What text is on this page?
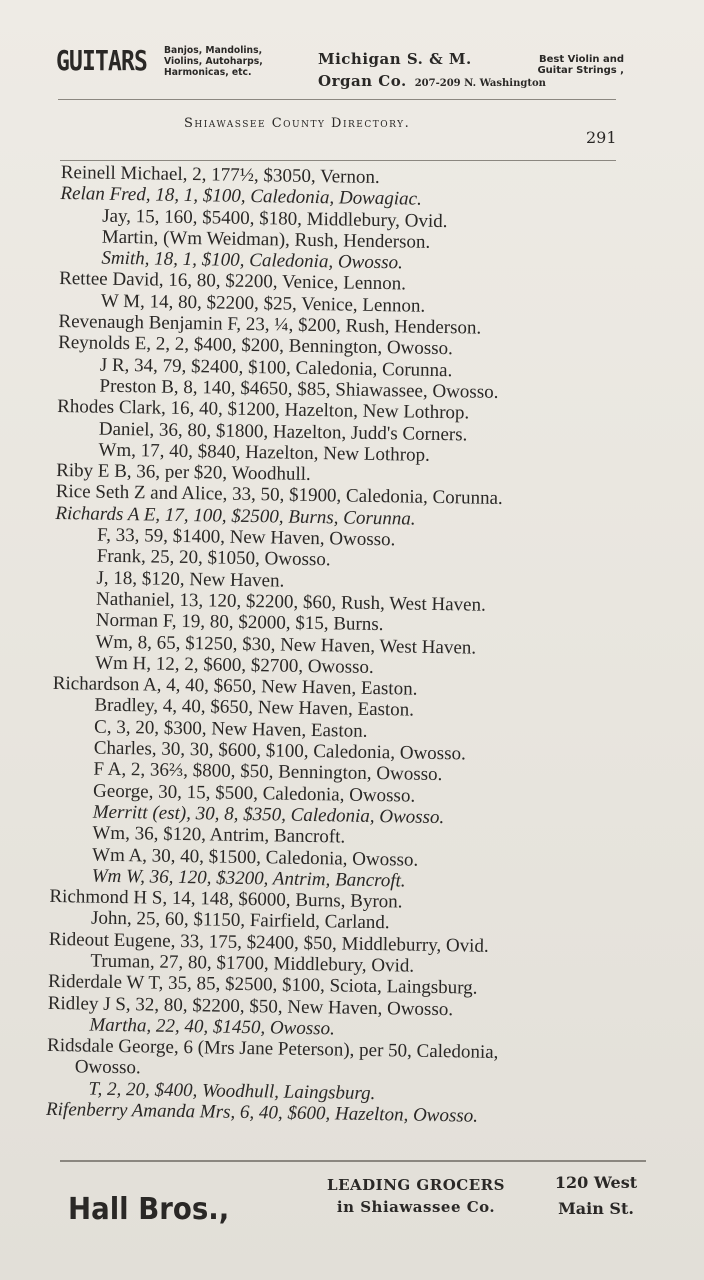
GUITARS Banjos, Mandolins,
Violins, Autoharps,
Harmonicas, etc.
Michigan S. & M.
Organ Co. 207-209 N. Washington
Best Violin and
Guitar Strings ,
Shiawassee County Directory.
291
Reinell Michael, 2, 177½, $3050, Vernon.
Relan Fred, 18, 1, $100, Caledonia, Dowagiac.
Jay, 15, 160, $5400, $180, Middlebury, Ovid.
Martin, (Wm Weidman), Rush, Henderson.
Smith, 18, 1, $100, Caledonia, Owosso.
Rettee David, 16, 80, $2200, Venice, Lennon.
W M, 14, 80, $2200, $25, Venice, Lennon.
Revenaugh Benjamin F, 23, ¼, $200, Rush, Henderson.
Reynolds E, 2, 2, $400, $200, Bennington, Owosso.
J R, 34, 79, $2400, $100, Caledonia, Corunna.
Preston B, 8, 140, $4650, $85, Shiawassee, Owosso.
Rhodes Clark, 16, 40, $1200, Hazelton, New Lothrop.
Daniel, 36, 80, $1800, Hazelton, Judd's Corners.
Wm, 17, 40, $840, Hazelton, New Lothrop.
Riby E B, 36, per $20, Woodhull.
Rice Seth Z and Alice, 33, 50, $1900, Caledonia, Corunna.
Richards A E, 17, 100, $2500, Burns, Corunna.
F, 33, 59, $1400, New Haven, Owosso.
Frank, 25, 20, $1050, Owosso.
J, 18, $120, New Haven.
Nathaniel, 13, 120, $2200, $60, Rush, West Haven.
Norman F, 19, 80, $2000, $15, Burns.
Wm, 8, 65, $1250, $30, New Haven, West Haven.
Wm H, 12, 2, $600, $2700, Owosso.
Richardson A, 4, 40, $650, New Haven, Easton.
Bradley, 4, 40, $650, New Haven, Easton.
C, 3, 20, $300, New Haven, Easton.
Charles, 30, 30, $600, $100, Caledonia, Owosso.
F A, 2, 36⅔, $800, $50, Bennington, Owosso.
George, 30, 15, $500, Caledonia, Owosso.
Merritt (est), 30, 8, $350, Caledonia, Owosso.
Wm, 36, $120, Antrim, Bancroft.
Wm A, 30, 40, $1500, Caledonia, Owosso.
Wm W, 36, 120, $3200, Antrim, Bancroft.
Richmond H S, 14, 148, $6000, Burns, Byron.
John, 25, 60, $1150, Fairfield, Carland.
Rideout Eugene, 33, 175, $2400, $50, Middleburry, Ovid.
Truman, 27, 80, $1700, Middlebury, Ovid.
Riderdale W T, 35, 85, $2500, $100, Sciota, Laingsburg.
Ridley J S, 32, 80, $2200, $50, New Haven, Owosso.
Martha, 22, 40, $1450, Owosso.
Ridsdale George, 6 (Mrs Jane Peterson), per 50, Caledonia,
Owosso.
T, 2, 20, $400, Woodhull, Laingsburg.
Rifenberry Amanda Mrs, 6, 40, $600, Hazelton, Owosso.
Hall Bros.,
LEADING GROCERS
in Shiawassee Co.
120 West
Main St.
